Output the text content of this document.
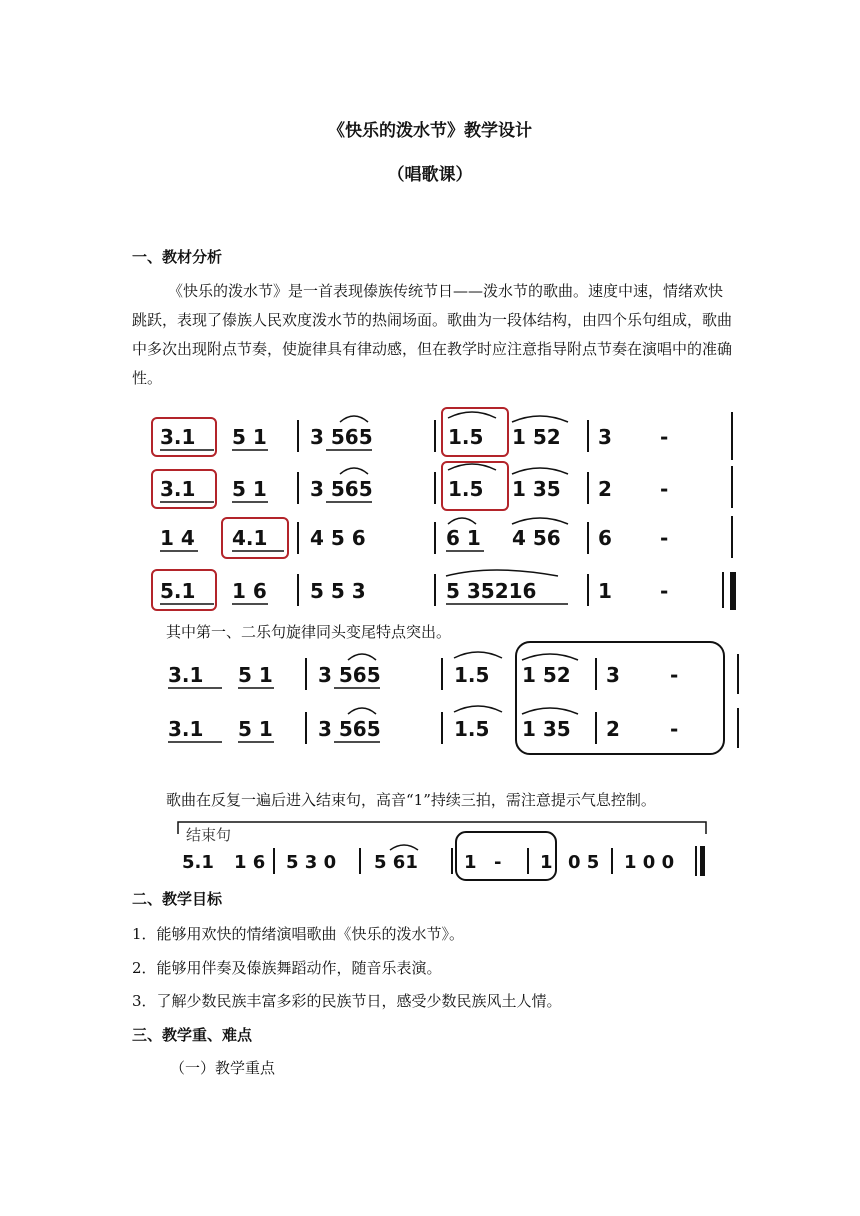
《快乐的泼水节》教学设计
（唱歌课）
一、教材分析
《快乐的泼水节》是一首表现傣族传统节日——泼水节的歌曲。速度中速，情绪欢快跳跃，表现了傣族人民欢度泼水节的热闹场面。歌曲为一段体结构，由四个乐句组成，歌曲中多次出现附点节奏，使旋律具有律动感，但在教学时应注意指导附点节奏在演唱中的准确性。
3.1 5 1 3 565	1.5 1 52 3 -
3.1 5 1 3 565	1.5 1 35 2 -
1 4 4.1 4 5 6	6 1 4 56 6 -
5.1 1 6 5 5 3	5 35216	1 -
其中第一、二乐句旋律同头变尾特点突出。
3.1 5 1 3 565	1.5 1 52 3	-
3.1 5 1 3 565	1.5 1 35 2	-
歌曲在反复一遍后进入结束句，高音“1”持续三拍，需注意提示气息控制。
结束句
5.1 1 6 5 3 0 5 61	1 - 1 0 5 1 0 0
二、教学目标
1．能够用欢快的情绪演唱歌曲《快乐的泼水节》。
2．能够用伴奏及傣族舞蹈动作，随音乐表演。
3．了解少数民族丰富多彩的民族节日，感受少数民族风土人情。
三、教学重、难点
（一）教学重点
